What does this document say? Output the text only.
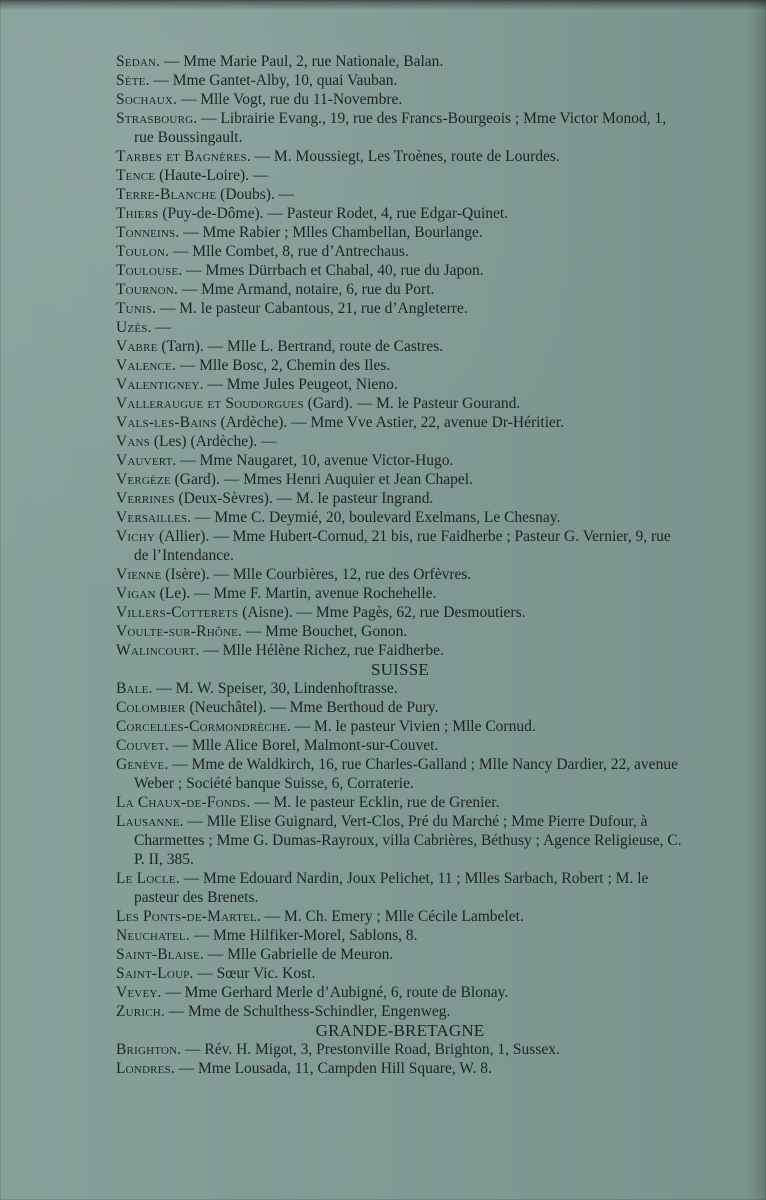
Sedan. — Mme Marie Paul, 2, rue Nationale, Balan.

Sète. — Mme Gantet-Alby, 10, quai Vauban.

Sochaux. — Mlle Vogt, rue du 11-Novembre.

Strasbourg. — Librairie Evang., 19, rue des Francs-Bourgeois ; Mme Victor Monod, 1, rue Boussingault.

Tarbes et Bagnères. — M. Moussiegt, Les Troènes, route de Lourdes.

Tence (Haute-Loire). —

Terre-Blanche (Doubs). —

Thiers (Puy-de-Dôme). — Pasteur Rodet, 4, rue Edgar-Quinet.

Tonneins. — Mme Rabier ; Mlles Chambellan, Bourlange.

Toulon. — Mlle Combet, 8, rue d’Antrechaus.

Toulouse. — Mmes Dürrbach et Chabal, 40, rue du Japon.

Tournon. — Mme Armand, notaire, 6, rue du Port.

Tunis. — M. le pasteur Cabantous, 21, rue d’Angleterre.

Uzès. —

Vabre (Tarn). — Mlle L. Bertrand, route de Castres.

Valence. — Mlle Bosc, 2, Chemin des Iles.

Valentigney. — Mme Jules Peugeot, Nieno.

Valleraugue et Soudorgues (Gard). — M. le Pasteur Gourand.

Vals-les-Bains (Ardèche). — Mme Vve Astier, 22, avenue Dr-Héritier.

Vans (Les) (Ardèche). —

Vauvert. — Mme Naugaret, 10, avenue Victor-Hugo.

Vergèze (Gard). — Mmes Henri Auquier et Jean Chapel.

Verrines (Deux-Sèvres). — M. le pasteur Ingrand.

Versailles. — Mme C. Deymié, 20, boulevard Exelmans, Le Chesnay.

Vichy (Allier). — Mme Hubert-Cornud, 21 bis, rue Faidherbe ; Pasteur G. Vernier, 9, rue de l’Intendance.

Vienne (Isère). — Mlle Courbières, 12, rue des Orfèvres.

Vigan (Le). — Mme F. Martin, avenue Rochehelle.

Villers-Cotterets (Aisne). — Mme Pagès, 62, rue Desmoutiers.

Voulte-sur-Rhône. — Mme Bouchet, Gonon.

Walincourt. — Mlle Hélène Richez, rue Faidherbe.

SUISSE

Bale. — M. W. Speiser, 30, Lindenhoftrasse.

Colombier (Neuchâtel). — Mme Berthoud de Pury.

Corcelles-Cormondrèche. — M. le pasteur Vivien ; Mlle Cornud.

Couvet. — Mlle Alice Borel, Malmont-sur-Couvet.

Genève. — Mme de Waldkirch, 16, rue Charles-Galland ; Mlle Nancy Dardier, 22, avenue Weber ; Société banque Suisse, 6, Corraterie.

La Chaux-de-Fonds. — M. le pasteur Ecklin, rue de Grenier.

Lausanne. — Mlle Elise Guignard, Vert-Clos, Pré du Marché ; Mme Pierre Dufour, à Charmettes ; Mme G. Dumas-Rayroux, villa Cabrières, Béthusy ; Agence Religieuse, C. P. II, 385.

Le Locle. — Mme Edouard Nardin, Joux Pelichet, 11 ; Mlles Sarbach, Robert ; M. le pasteur des Brenets.

Les Ponts-de-Martel. — M. Ch. Emery ; Mlle Cécile Lambelet.

Neuchatel. — Mme Hilfiker-Morel, Sablons, 8.

Saint-Blaise. — Mlle Gabrielle de Meuron.

Saint-Loup. — Sœur Vic. Kost.

Vevey. — Mme Gerhard Merle d’Aubigné, 6, route de Blonay.

Zurich. — Mme de Schulthess-Schindler, Engenweg.

GRANDE-BRETAGNE

Brighton. — Rév. H. Migot, 3, Prestonville Road, Brighton, 1, Sussex.

Londres. — Mme Lousada, 11, Campden Hill Square, W. 8.
